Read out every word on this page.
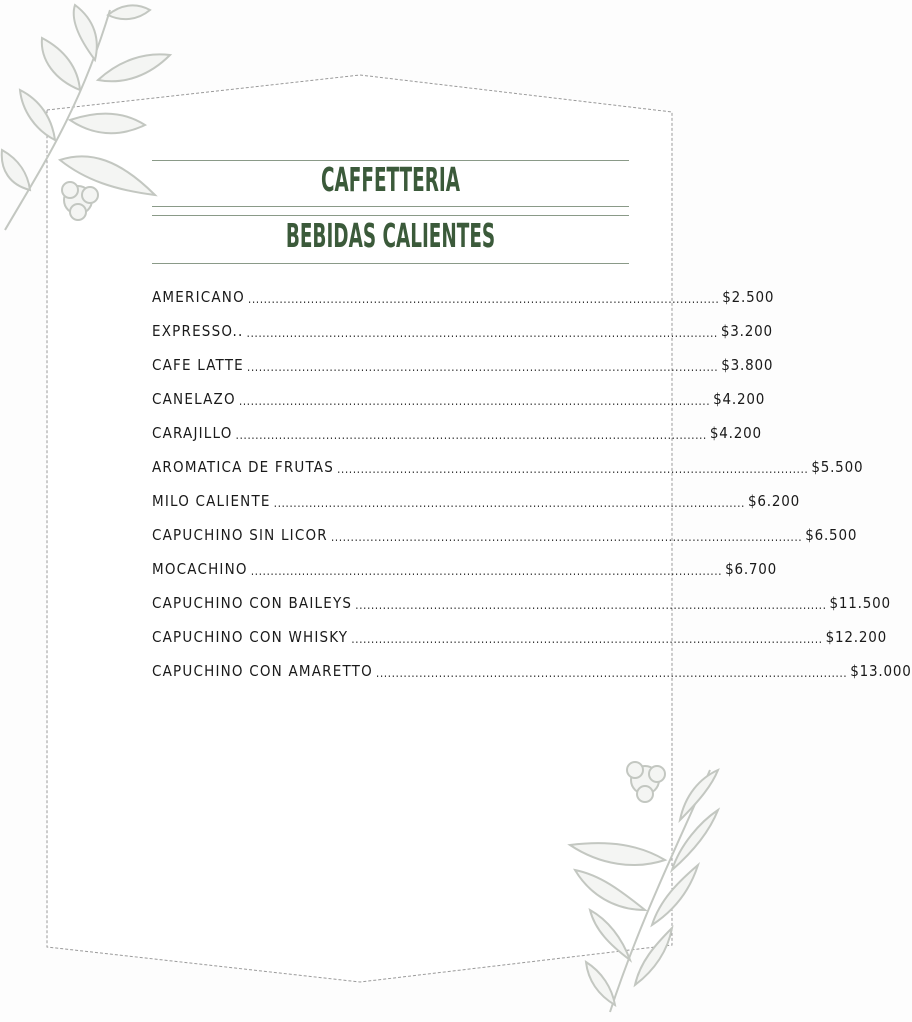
CAFFETTERIA
BEBIDAS CALIENTES
AMERICANO ........................................................................................................................ $2.500
EXPRESSO.. ........................................................................................................................ $3.200
CAFE LATTE ........................................................................................................................ $3.800
CANELAZO ........................................................................................................................ $4.200
CARAJILLO ........................................................................................................................ $4.200
AROMATICA DE FRUTAS ........................................................................................................................ $5.500
MILO CALIENTE ........................................................................................................................ $6.200
CAPUCHINO SIN LICOR ........................................................................................................................ $6.500
MOCACHINO ........................................................................................................................ $6.700
CAPUCHINO CON BAILEYS ........................................................................................................................ $11.500
CAPUCHINO CON WHISKY ........................................................................................................................ $12.200
CAPUCHINO CON AMARETTO ........................................................................................................................ $13.000
